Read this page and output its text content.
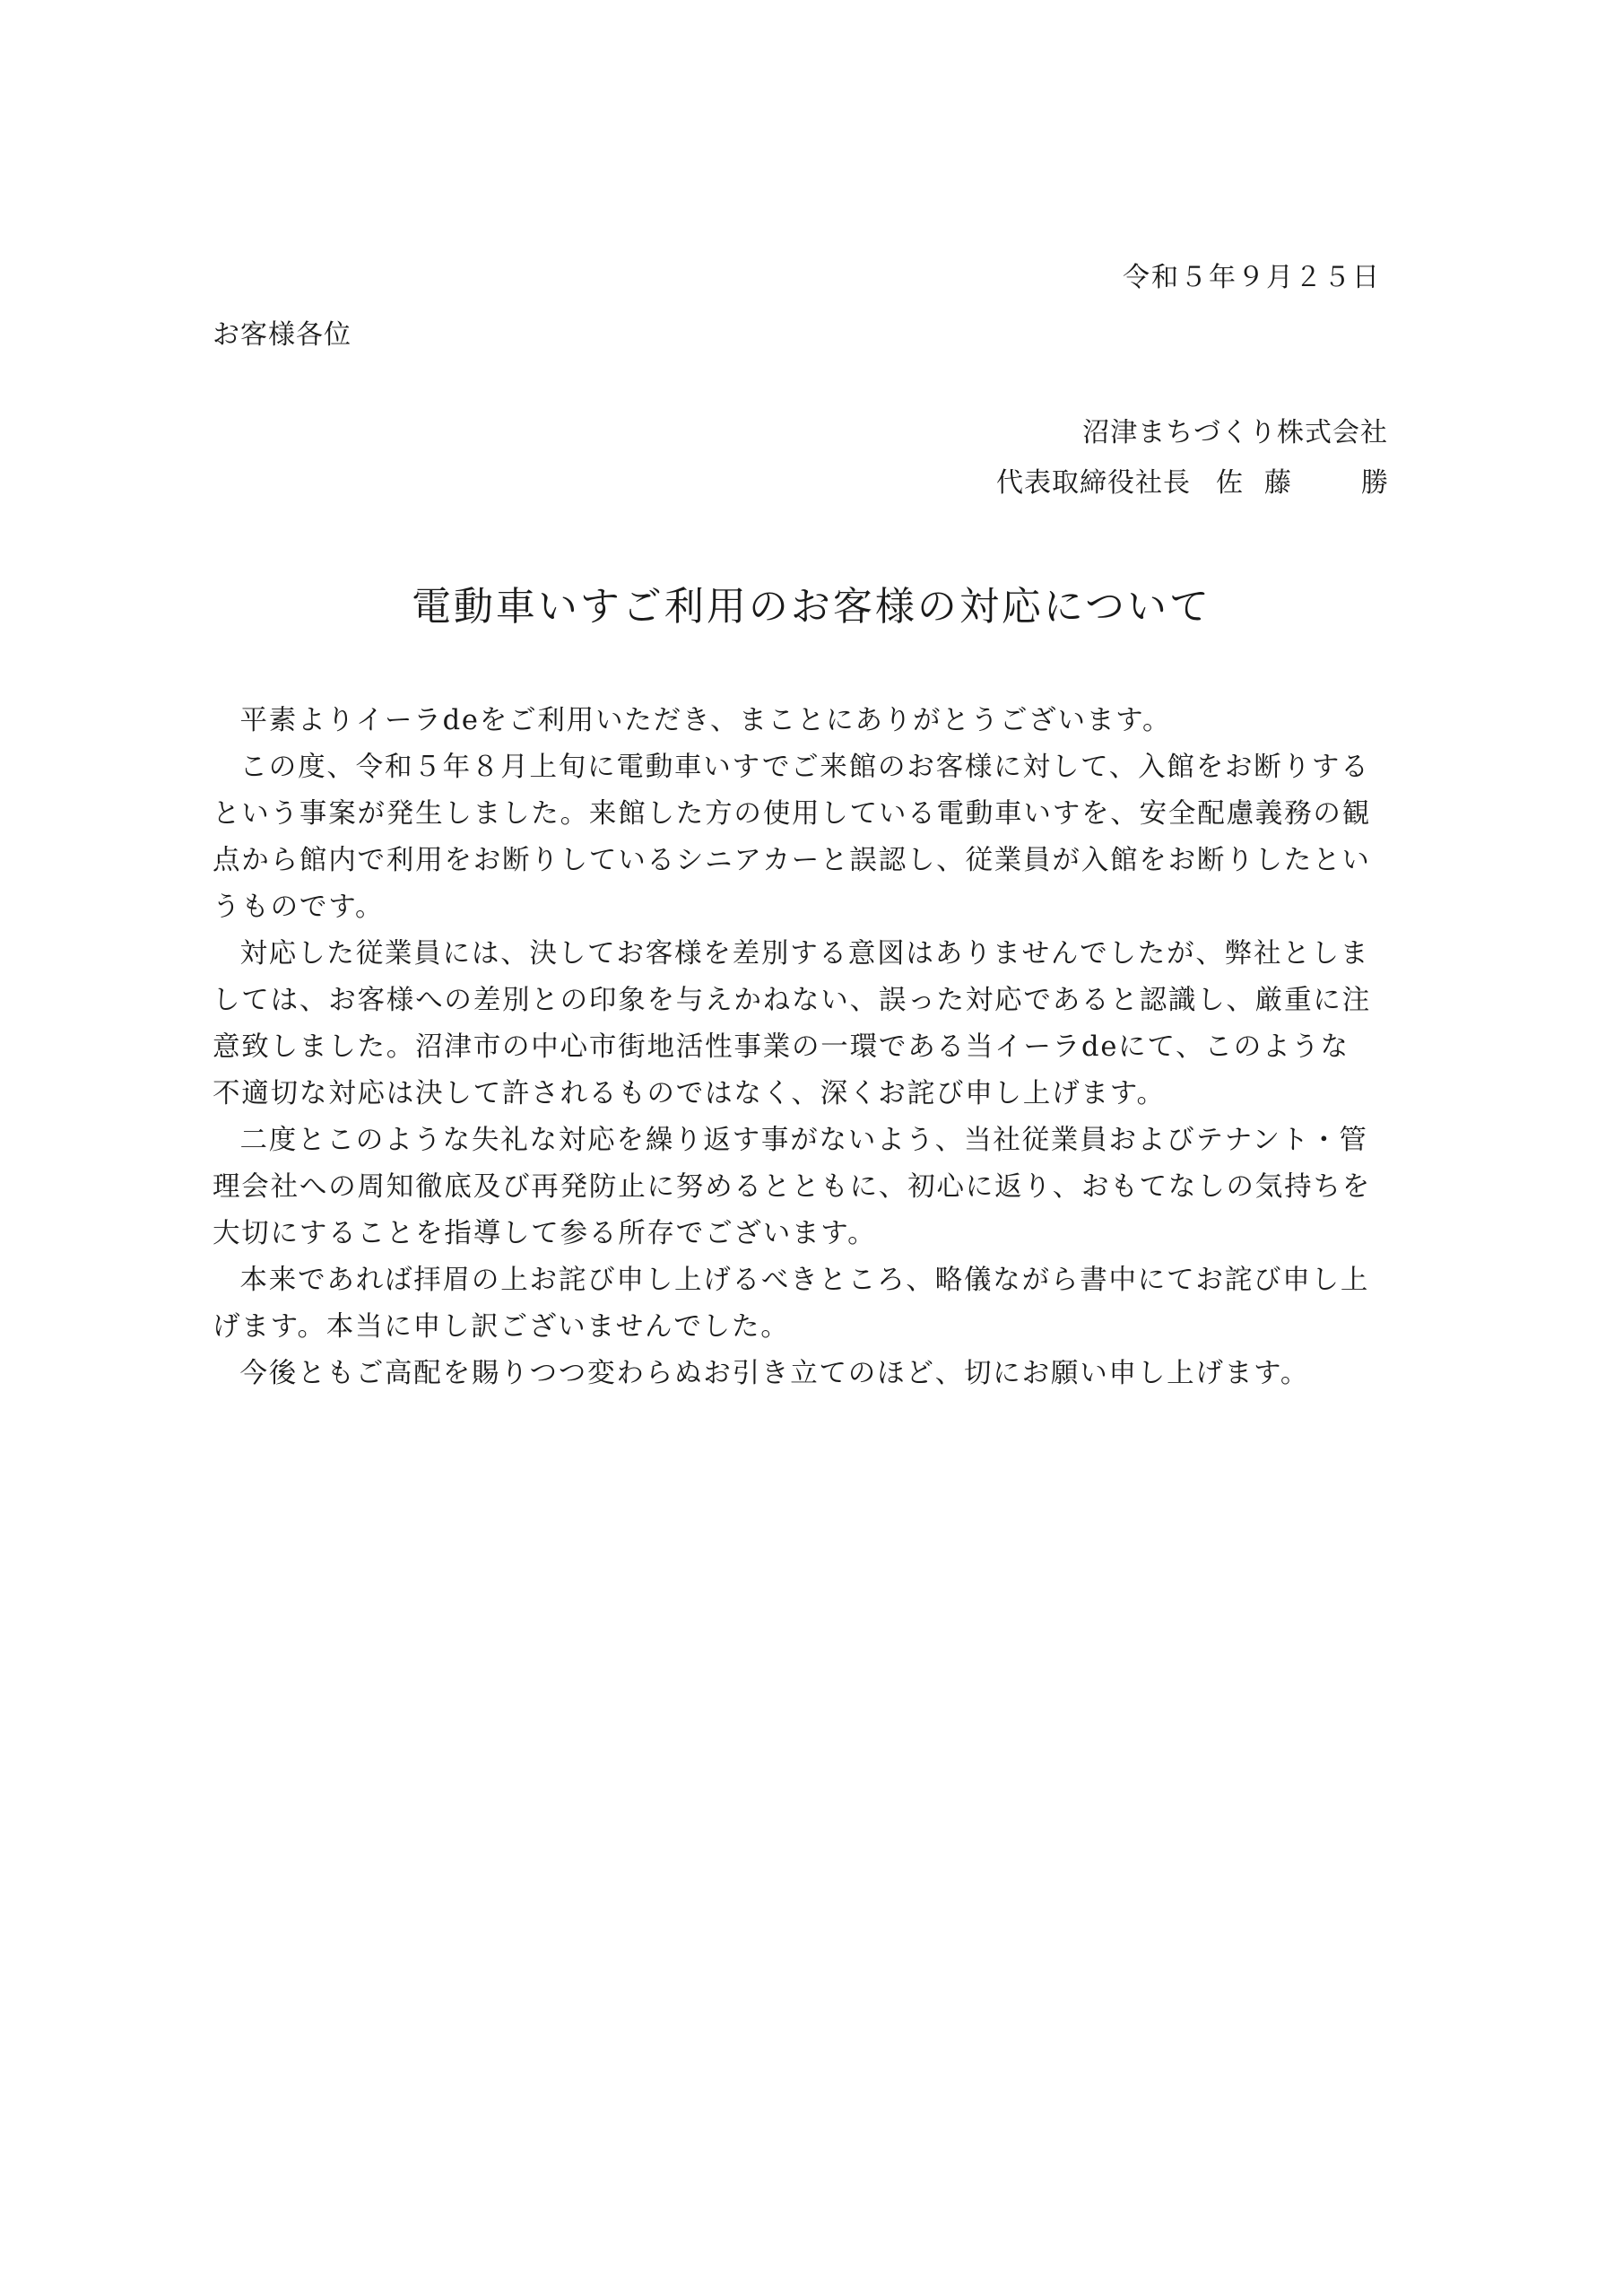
令和５年９月２５日
お客様各位
沼津まちづくり株式会社
代表取締役社長 佐藤　勝
電動車いすご利用のお客様の対応について

平素よりイーラdeをご利用いただき、まことにありがとうございます。

この度、令和５年８月上旬に電動車いすでご来館のお客様に対して、入館をお断りするという事案が発生しました。来館した方の使用している電動車いすを、安全配慮義務の観点から館内で利用をお断りしているシニアカーと誤認し、従業員が入館をお断りしたというものです。

対応した従業員には、決してお客様を差別する意図はありませんでしたが、弊社としましては、お客様への差別との印象を与えかねない、誤った対応であると認識し、厳重に注意致しました。沼津市の中心市街地活性事業の一環である当イーラdeにて、このような不適切な対応は決して許されるものではなく、深くお詫び申し上げます。

二度とこのような失礼な対応を繰り返す事がないよう、当社従業員およびテナント・管理会社への周知徹底及び再発防止に努めるとともに、初心に返り、おもてなしの気持ちを大切にすることを指導して参る所存でございます。

本来であれば拝眉の上お詫び申し上げるべきところ、略儀ながら書中にてお詫び申し上げます。本当に申し訳ございませんでした。

今後ともご高配を賜りつつ変わらぬお引き立てのほど、切にお願い申し上げます。
